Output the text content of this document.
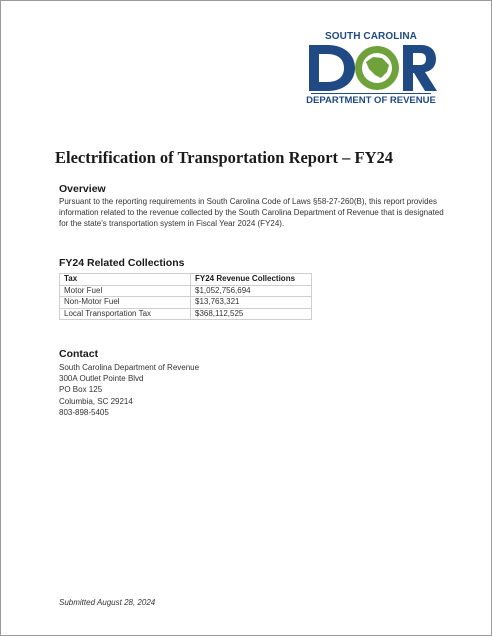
SOUTH CAROLINA
DEPARTMENT OF REVENUE
Electrification of Transportation Report – FY24
Overview
Pursuant to the reporting requirements in South Carolina Code of Laws §58-27-260(B), this report provides information related to the revenue collected by the South Carolina Department of Revenue that is designated for the state's transportation system in Fiscal Year 2024 (FY24).
FY24 Related Collections
Tax	FY24 Revenue Collections
Motor Fuel	$1,052,756,694
Non-Motor Fuel	$13,763,321
Local Transportation Tax	$368,112,525
Contact
South Carolina Department of Revenue
300A Outlet Pointe Blvd
PO Box 125
Columbia, SC 29214
803-898-5405
Submitted August 28, 2024
